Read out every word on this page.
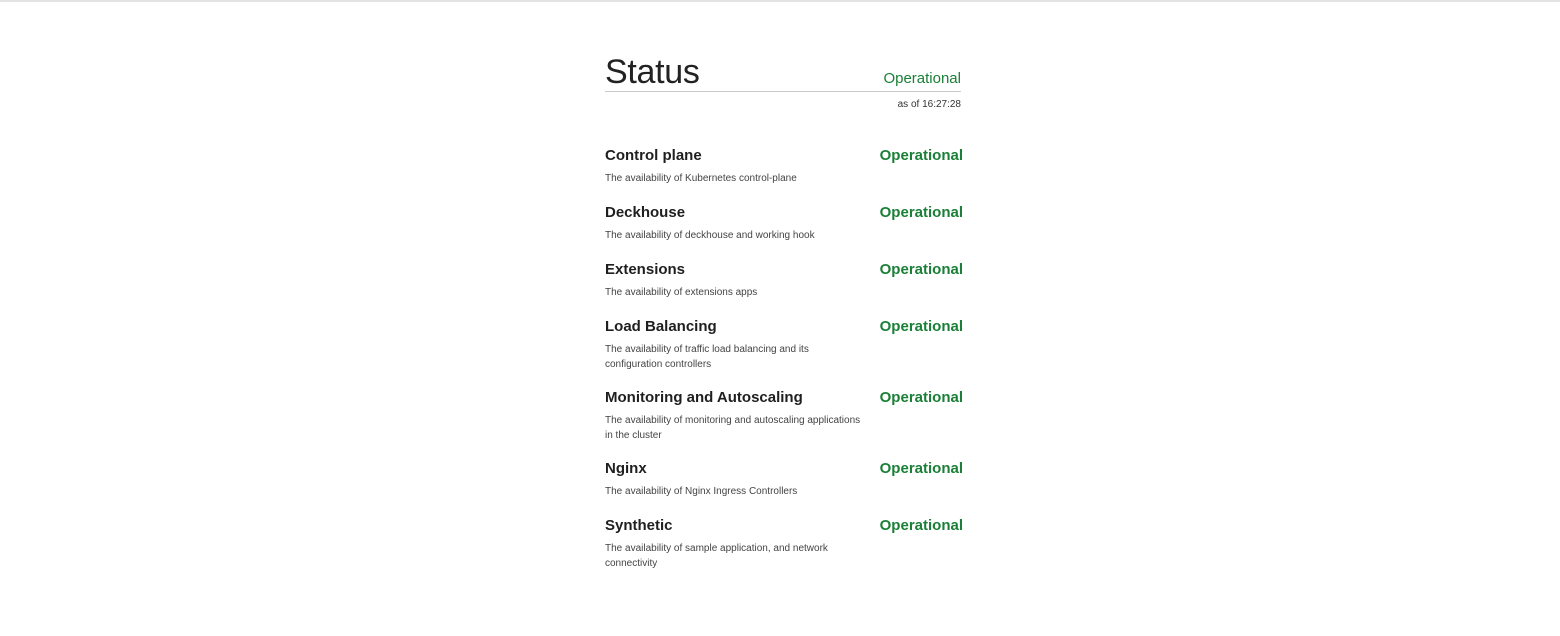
Status	Operational
as of 16:27:28
Control plane
The availability of Kubernetes control-plane
Operational
Deckhouse
The availability of deckhouse and working hook
Operational
Extensions
The availability of extensions apps
Operational
Load Balancing
The availability of traffic load balancing and its configuration controllers
Operational
Monitoring and Autoscaling
The availability of monitoring and autoscaling applications in the cluster
Operational
Nginx
The availability of Nginx Ingress Controllers
Operational
Synthetic
The availability of sample application, and network connectivity
Operational
